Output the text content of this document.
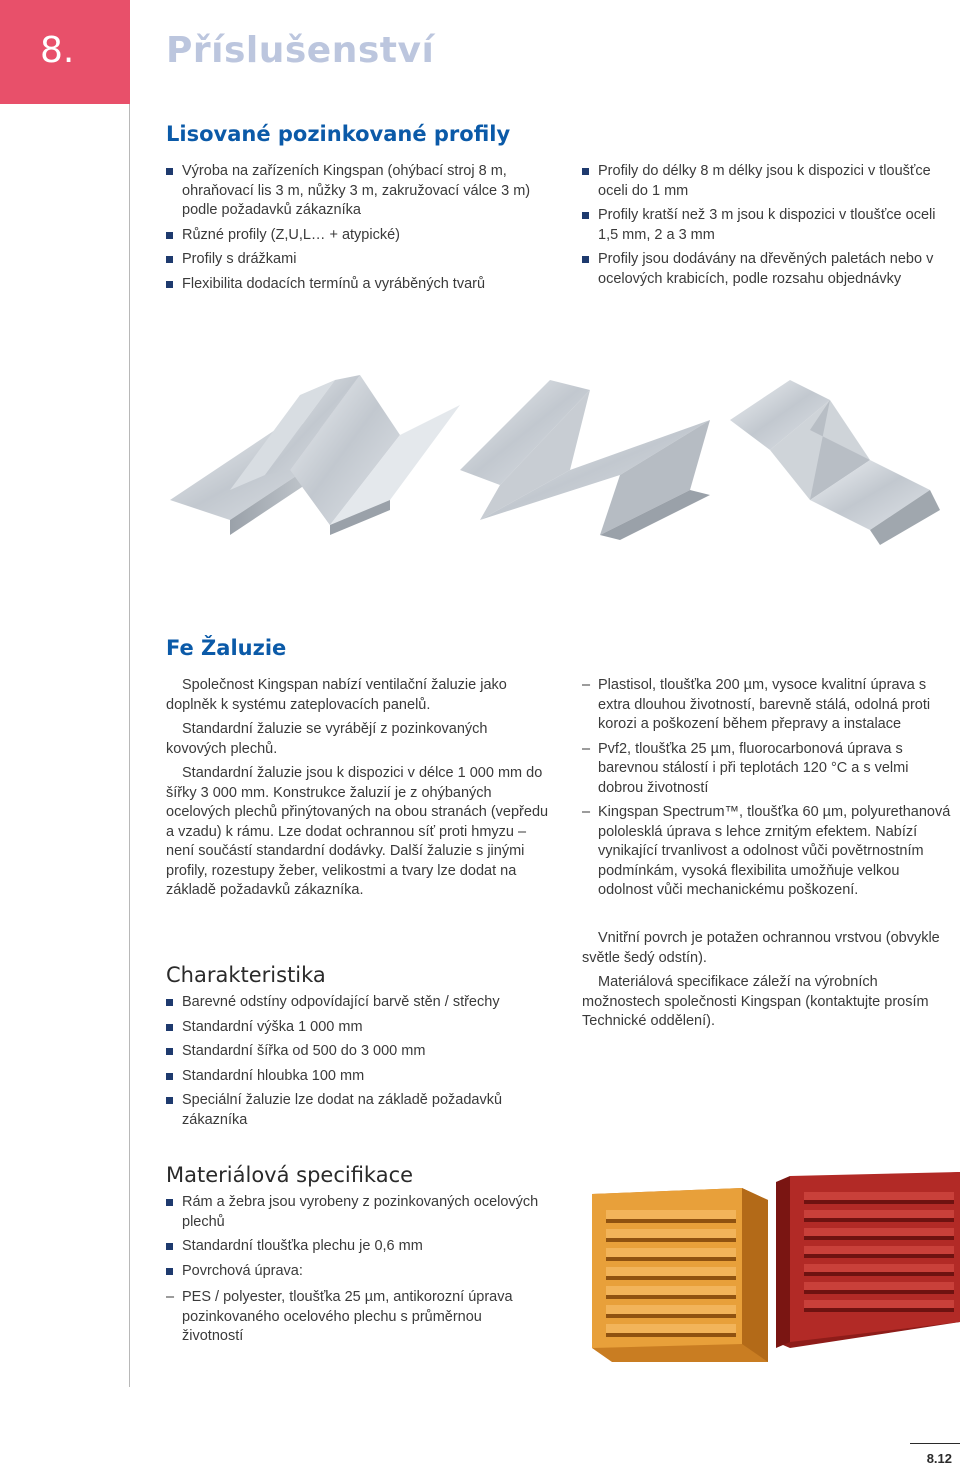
8.	Příslušenství
Lisované pozinkované profily
Výroba na zařízeních Kingspan (ohýbací stroj 8 m, ohraňovací lis 3 m, nůžky 3 m, zakružovací válce 3 m) podle požadavků zákazníka
Různé profily (Z,U,L… + atypické)
Profily s drážkami
Flexibilita dodacích termínů a vyráběných tvarů
Profily do délky 8 m délky jsou k dispozici v tloušťce oceli do 1 mm
Profily kratší než 3 m jsou k dispozici v tloušťce oceli 1,5 mm, 2 a 3 mm
Profily jsou dodávány na dřevěných paletách nebo v ocelových krabicích, podle rozsahu objednávky
Fe Žaluzie

Společnost Kingspan nabízí ventilační žaluzie jako doplněk k systému zateplovacích panelů.

Standardní žaluzie se vyrábějí z pozinkovaných kovových plechů.

Standardní žaluzie jsou k dispozici v délce 1 000 mm do šířky 3 000 mm. Konstrukce žaluzií je z ohýbaných ocelových plechů přinýtovaných na obou stranách (vepředu a vzadu) k rámu. Lze dodat ochrannou síť proti hmyzu – není součástí standardní dodávky. Další žaluzie s jinými profily, rozestupy žeber, velikostmi a tvary lze dodat na základě požadavků zákazníka.

– Plastisol, tloušťka 200 µm, vysoce kvalitní úprava s extra dlouhou životností, barevně stálá, odolná proti korozi a poškození během přepravy a instalace
– Pvf2, tloušťka 25 µm, fluorocarbonová úprava s barevnou stálostí i při teplotách 120 °C a s velmi dobrou životností
– Kingspan Spectrum™, tloušťka 60 µm, polyurethanová pololesklá úprava s lehce zrnitým efektem. Nabízí vynikající trvanlivost a odolnost vůči povětrnostním podmínkám, vysoká flexibilita umožňuje velkou odolnost vůči mechanickému poškození.

Vnitřní povrch je potažen ochrannou vrstvou (obvykle světle šedý odstín).

Materiálová specifikace záleží na výrobních možnostech společnosti Kingspan (kontaktujte prosím Technické oddělení).

Charakteristika
Barevné odstíny odpovídající barvě stěn / střechy
Standardní výška 1 000 mm
Standardní šířka od 500 do 3 000 mm
Standardní hloubka 100 mm
Speciální žaluzie lze dodat na základě požadavků zákazníka
Materiálová specifikace
Rám a žebra jsou vyrobeny z pozinkovaných ocelových plechů
Standardní tloušťka plechu je 0,6 mm
Povrchová úprava:
– PES / polyester, tloušťka 25 µm, antikorozní úprava pozinkovaného ocelového plechu s průměrnou životností
8.12
